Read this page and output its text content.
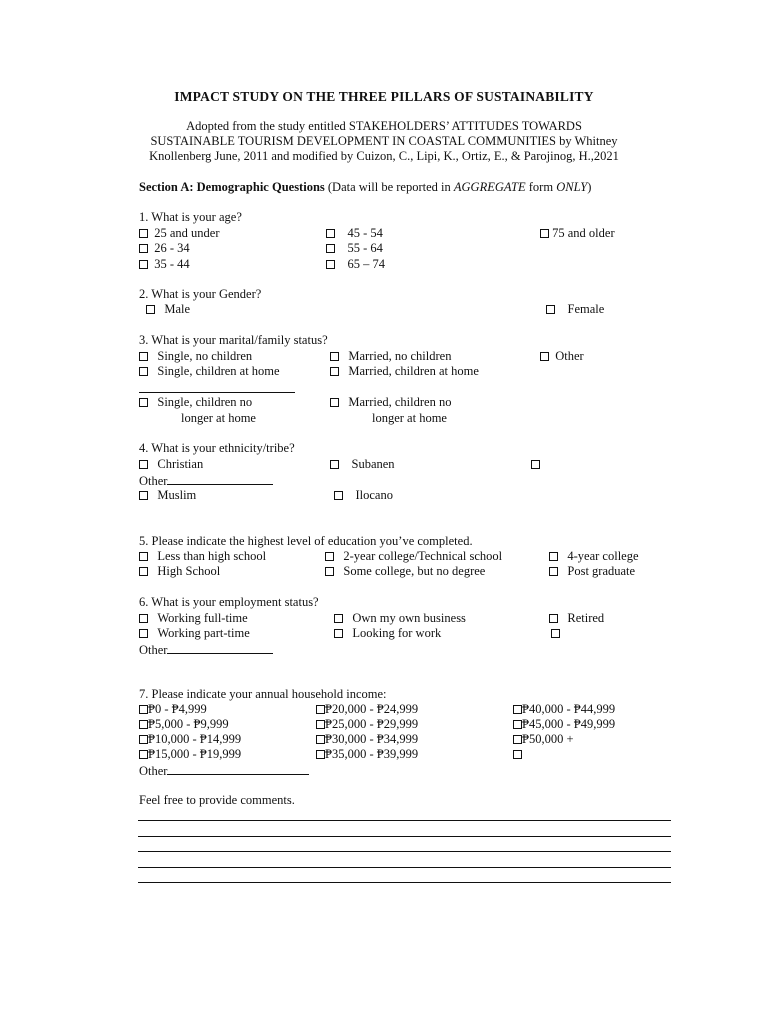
IMPACT STUDY ON THE THREE PILLARS OF SUSTAINABILITY
Adopted from the study entitled STAKEHOLDERS’ ATTITUDES TOWARDS
SUSTAINABLE TOURISM DEVELOPMENT IN COASTAL COMMUNITIES by Whitney
Knollenberg June, 2011 and modified by Cuizon, C., Lipi, K., Ortiz, E., & Parojinog, H.,2021
Section A: Demographic Questions (Data will be reported in AGGREGATE form ONLY)
1. What is your age?
25 and under	45 - 54	75 and older
26 - 34	55 - 64
35 - 44	65 – 74
2. What is your Gender?
Male	Female
3. What is your marital/family status?
Single, no children	Married, no children	Other
Single, children at home	Married, children at home
Single, children no
longer at home
Married, children no
longer at home
4. What is your ethnicity/tribe?
Christian	Subanen
Other
Muslim	Ilocano
5. Please indicate the highest level of education you’ve completed.
Less than high school	2-year college/Technical school	4-year college
High School	Some college, but no degree	Post graduate
6. What is your employment status?
Working full-time	Own my own business	Retired
Working part-time	Looking for work
Other
7. Please indicate your annual household income:
₱0 - ₱4,999	₱20,000 - ₱24,999	₱40,000 - ₱44,999
₱5,000 - ₱9,999	₱25,000 - ₱29,999	₱45,000 - ₱49,999
₱10,000 - ₱14,999	₱30,000 - ₱34,999	₱50,000 +
₱15,000 - ₱19,999	₱35,000 - ₱39,999
Other
Feel free to provide comments.
